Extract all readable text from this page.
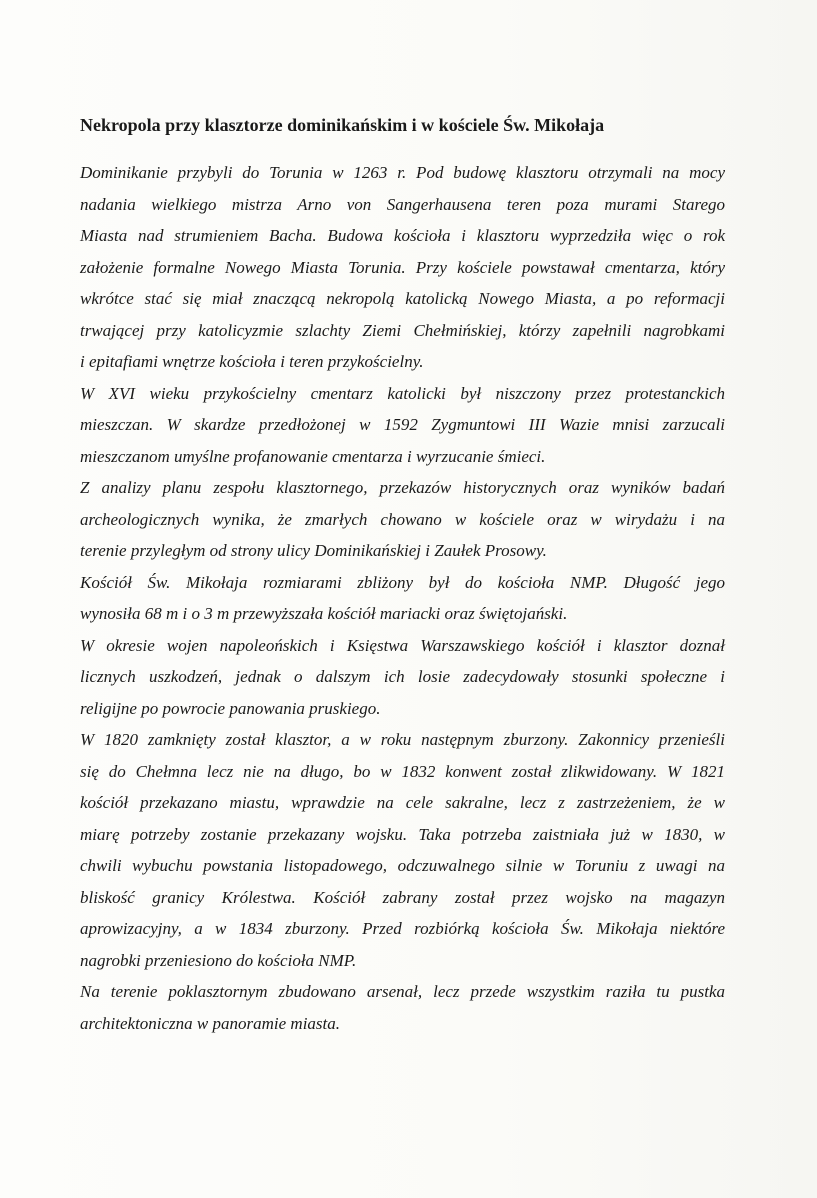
Nekropola przy klasztorze dominikańskim i w kościele Św. Mikołaja
Dominikanie przybyli do Torunia w 1263 r. Pod budowę klasztoru otrzymali na mocy
nadania wielkiego mistrza Arno von Sangerhausena teren poza murami Starego
Miasta nad strumieniem Bacha. Budowa kościoła i klasztoru wyprzedziła więc o rok
założenie formalne Nowego Miasta Torunia. Przy kościele powstawał cmentarza, który
wkrótce stać się miał znaczącą nekropolą katolicką Nowego Miasta, a po reformacji
trwającej przy katolicyzmie szlachty Ziemi Chełmińskiej, którzy zapełnili nagrobkami
i epitafiami wnętrze kościoła i teren przykościelny.
W XVI wieku przykościelny cmentarz katolicki był niszczony przez protestanckich
mieszczan. W skardze przedłożonej w 1592 Zygmuntowi III Wazie mnisi zarzucali
mieszczanom umyślne profanowanie cmentarza i wyrzucanie śmieci.
Z analizy planu zespołu klasztornego, przekazów historycznych oraz wyników badań
archeologicznych wynika, że zmarłych chowano w kościele oraz w wirydażu i na
terenie przyległym od strony ulicy Dominikańskiej i Zaułek Prosowy.
Kościół Św. Mikołaja rozmiarami zbliżony był do kościoła NMP. Długość jego
wynosiła 68 m i o 3 m przewyższała kościół mariacki oraz świętojański.
W okresie wojen napoleońskich i Księstwa Warszawskiego kościół i klasztor doznał
licznych uszkodzeń, jednak o dalszym ich losie zadecydowały stosunki społeczne i
religijne po powrocie panowania pruskiego.
W 1820 zamknięty został klasztor, a w roku następnym zburzony. Zakonnicy przenieśli
się do Chełmna lecz nie na długo, bo w 1832 konwent został zlikwidowany. W 1821
kościół przekazano miastu, wprawdzie na cele sakralne, lecz z zastrzeżeniem, że w
miarę potrzeby zostanie przekazany wojsku. Taka potrzeba zaistniała już w 1830, w
chwili wybuchu powstania listopadowego, odczuwalnego silnie w Toruniu z uwagi na
bliskość granicy Królestwa. Kościół zabrany został przez wojsko na magazyn
aprowizacyjny, a w 1834 zburzony. Przed rozbiórką kościoła Św. Mikołaja niektóre
nagrobki przeniesiono do kościoła NMP.
Na terenie poklasztornym zbudowano arsenał, lecz przede wszystkim raziła tu pustka
architektoniczna w panoramie miasta.
